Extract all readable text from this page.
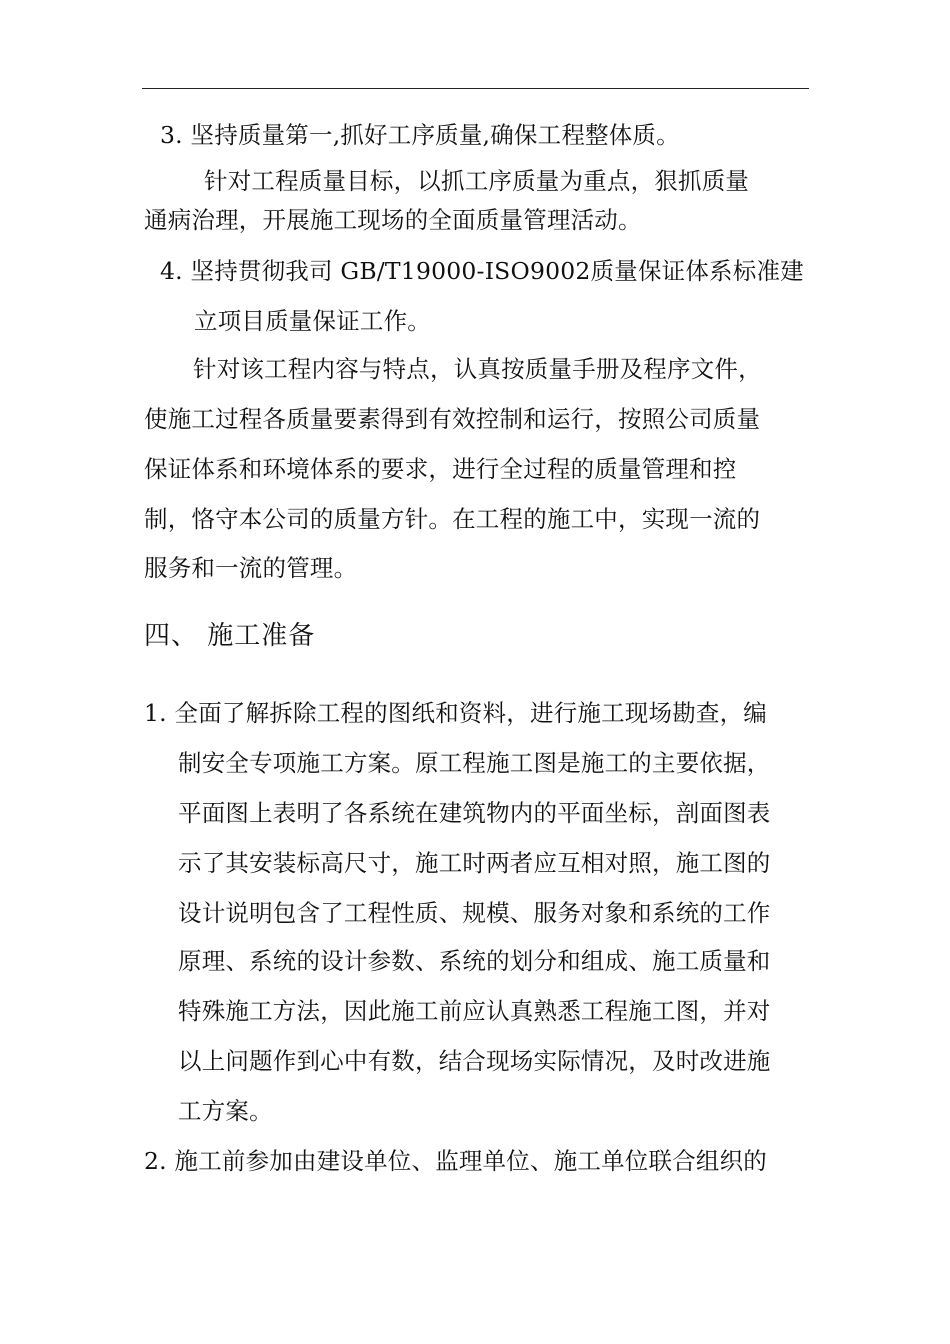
3. 坚持质量第一,抓好工序质量,确保工程整体质。
针对工程质量目标，以抓工序质量为重点，狠抓质量
通病治理，开展施工现场的全面质量管理活动。
4. 坚持贯彻我司 GB/T19000-ISO9002质量保证体系标准建
立项目质量保证工作。
针对该工程内容与特点，认真按质量手册及程序文件，
使施工过程各质量要素得到有效控制和运行，按照公司质量
保证体系和环境体系的要求，进行全过程的质量管理和控
制，恪守本公司的质量方针。在工程的施工中，实现一流的
服务和一流的管理。
四、 施工准备
1. 全面了解拆除工程的图纸和资料，进行施工现场勘查，编
制安全专项施工方案。原工程施工图是施工的主要依据，
平面图上表明了各系统在建筑物内的平面坐标，剖面图表
示了其安装标高尺寸，施工时两者应互相对照，施工图的
设计说明包含了工程性质、规模、服务对象和系统的工作
原理、系统的设计参数、系统的划分和组成、施工质量和
特殊施工方法，因此施工前应认真熟悉工程施工图，并对
以上问题作到心中有数，结合现场实际情况，及时改进施
工方案。
2. 施工前参加由建设单位、监理单位、施工单位联合组织的
